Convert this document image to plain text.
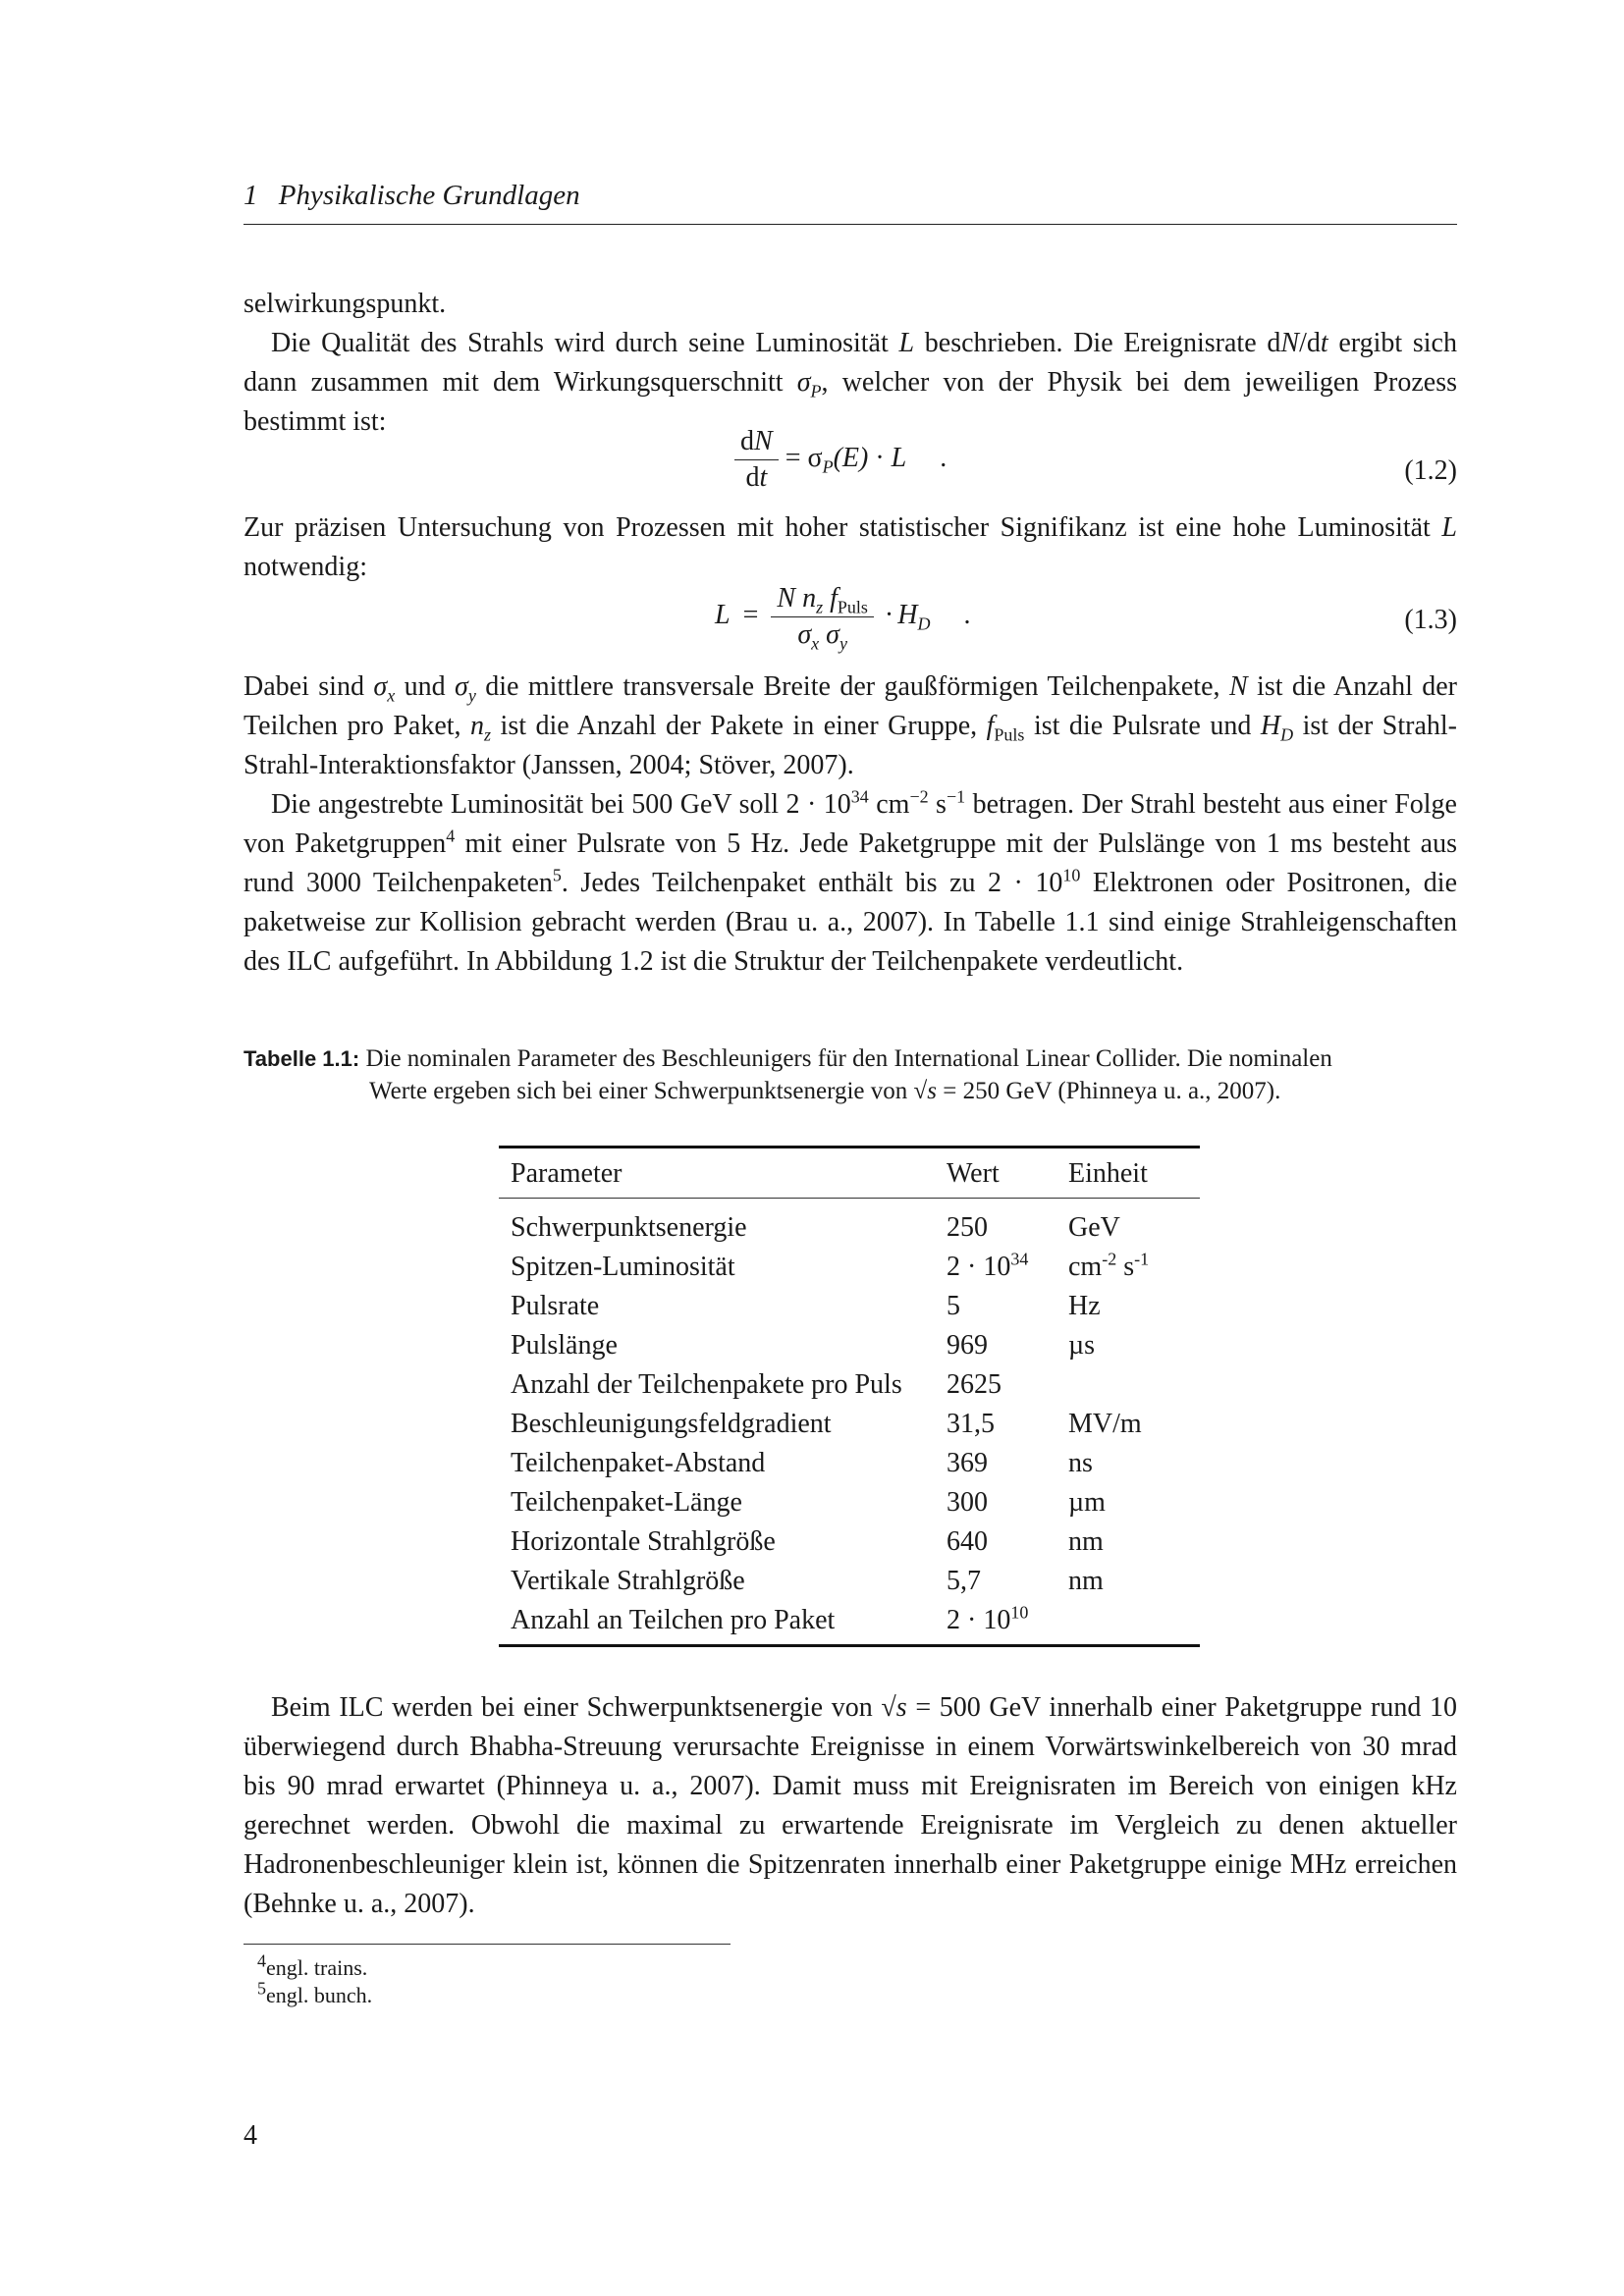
1 Physikalische Grundlagen

selwirkungspunkt.

Die Qualität des Strahls wird durch seine Luminosität L beschrieben. Die Ereignisrate dN/dt ergibt sich dann zusammen mit dem Wirkungsquerschnitt $\sigma_P$, welcher von der Physik bei dem jeweiligen Prozess bestimmt ist:

$\frac{dN}{dt} = \sigma_P(E) \cdot L$ .	(1.2)

Zur präzisen Untersuchung von Prozessen mit hoher statistischer Signifikanz ist eine hohe Luminosität L notwendig:

$L = \frac{N n_z f_{Puls}}{\sigma_x \sigma_y} \cdot H_D$ .	(1.3)

Dabei sind $\sigma_x$ und $\sigma_y$ die mittlere transversale Breite der gaußförmigen Teilchenpakete, N ist die Anzahl der Teilchen pro Paket, $n_z$ ist die Anzahl der Pakete in einer Gruppe, $f_{Puls}$ ist die Pulsrate und $H_D$ ist der Strahl-Strahl-Interaktionsfaktor (Janssen, 2004; Stöver, 2007).

Die angestrebte Luminosität bei 500 GeV soll $2 \cdot 10^{34}$ $cm^{-2}$ $s^{-1}$ betragen. Der Strahl besteht aus einer Folge von Paketgruppen$^4$ mit einer Pulsrate von 5 Hz. Jede Paketgruppe mit der Pulslänge von 1 ms besteht aus rund 3000 Teilchenpaketen$^5$. Jedes Teilchenpaket enthält bis zu $2 \cdot 10^{10}$ Elektronen oder Positronen, die paketweise zur Kollision gebracht werden (Brau u. a., 2007). In Tabelle 1.1 sind einige Strahleigenschaften des ILC aufgeführt. In Abbildung 1.2 ist die Struktur der Teilchenpakete verdeutlicht.

Tabelle 1.1: Die nominalen Parameter des Beschleunigers für den International Linear Collider. Die nominalen
Werte ergeben sich bei einer Schwerpunktsenergie von √s = 250 GeV (Phinneya u. a., 2007).
Parameter	Wert	Einheit
Schwerpunktsenergie	250	GeV
Spitzen-Luminosität	$2 \cdot 10^{34}$	$cm^{-2}$ $s^{-1}$
Pulsrate	5	Hz
Pulslänge	969	µs
Anzahl der Teilchenpakete pro Puls	2625	
Beschleunigungsfeldgradient	31,5	MV/m
Teilchenpaket-Abstand	369	ns
Teilchenpaket-Länge	300	µm
Horizontale Strahlgröße	640	nm
Vertikale Strahlgröße	5,7	nm
Anzahl an Teilchen pro Paket	$2 \cdot 10^{10}$	

Beim ILC werden bei einer Schwerpunktsenergie von √s = 500 GeV innerhalb einer Paketgruppe rund 10 überwiegend durch Bhabha-Streuung verursachte Ereignisse in einem Vorwärtswinkelbereich von 30 mrad bis 90 mrad erwartet (Phinneya u. a., 2007). Damit muss mit Ereignisraten im Bereich von einigen kHz gerechnet werden. Obwohl die maximal zu erwartende Ereignisrate im Vergleich zu denen aktueller Hadronenbeschleuniger klein ist, können die Spitzenraten innerhalb einer Paketgruppe einige MHz erreichen (Behnke u. a., 2007).

$^4$engl. trains.
$^5$engl. bunch.
4
